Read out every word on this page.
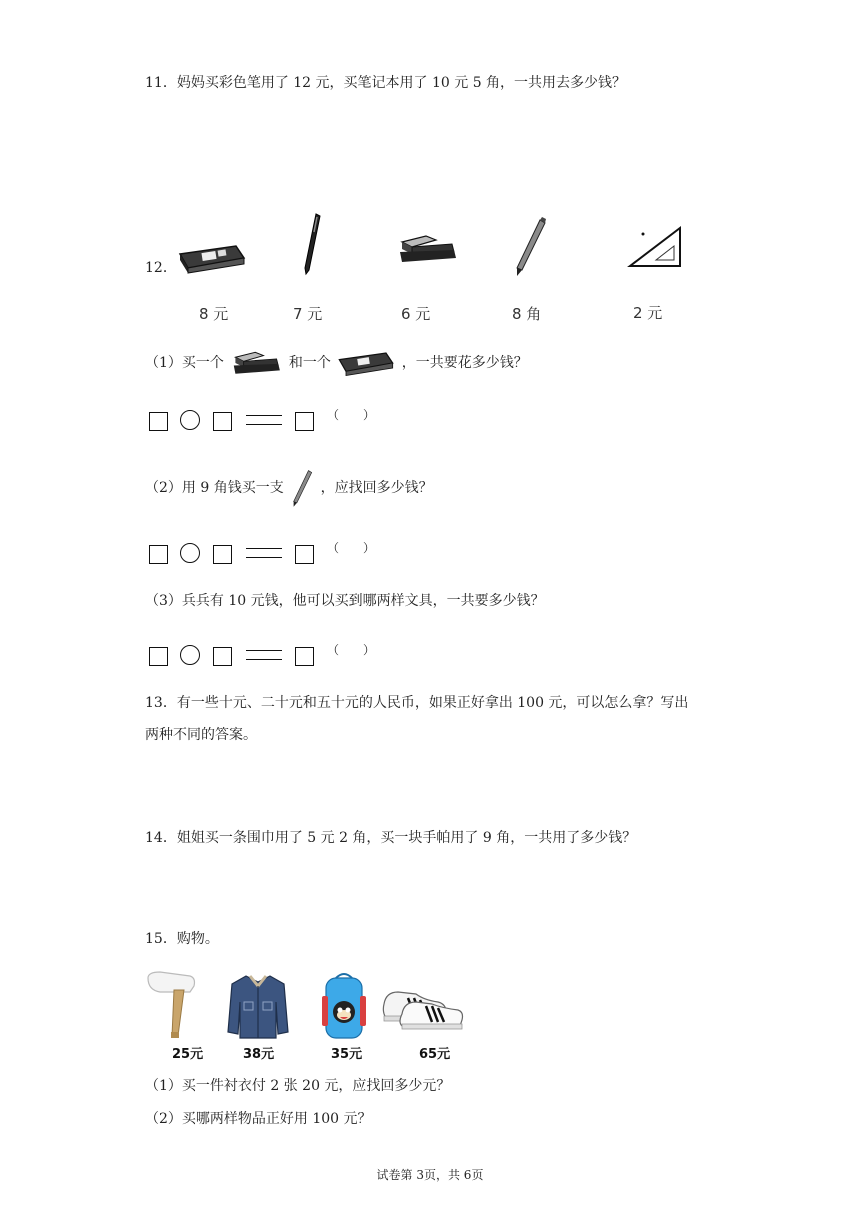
11．妈妈买彩色笔用了 12 元，买笔记本用了 10 元 5 角，一共用去多少钱？
12．
8 元	7 元	6 元	8 角	2 元
（1）买一个	和一个	，一共要花多少钱？
（　　）
（2）用 9 角钱买一支	，应找回多少钱？
（　　）
（3）兵兵有 10 元钱，他可以买到哪两样文具，一共要多少钱？
（　　）
13．有一些十元、二十元和五十元的人民币，如果正好拿出 100 元，可以怎么拿？写出
两种不同的答案。
14．姐姐买一条围巾用了 5 元 2 角，买一块手帕用了 9 角，一共用了多少钱？
15．购物。
25元	38元	35元	65元
（1）买一件衬衣付 2 张 20 元，应找回多少元？
（2）买哪两样物品正好用 100 元？
试卷第 3页，共 6页
